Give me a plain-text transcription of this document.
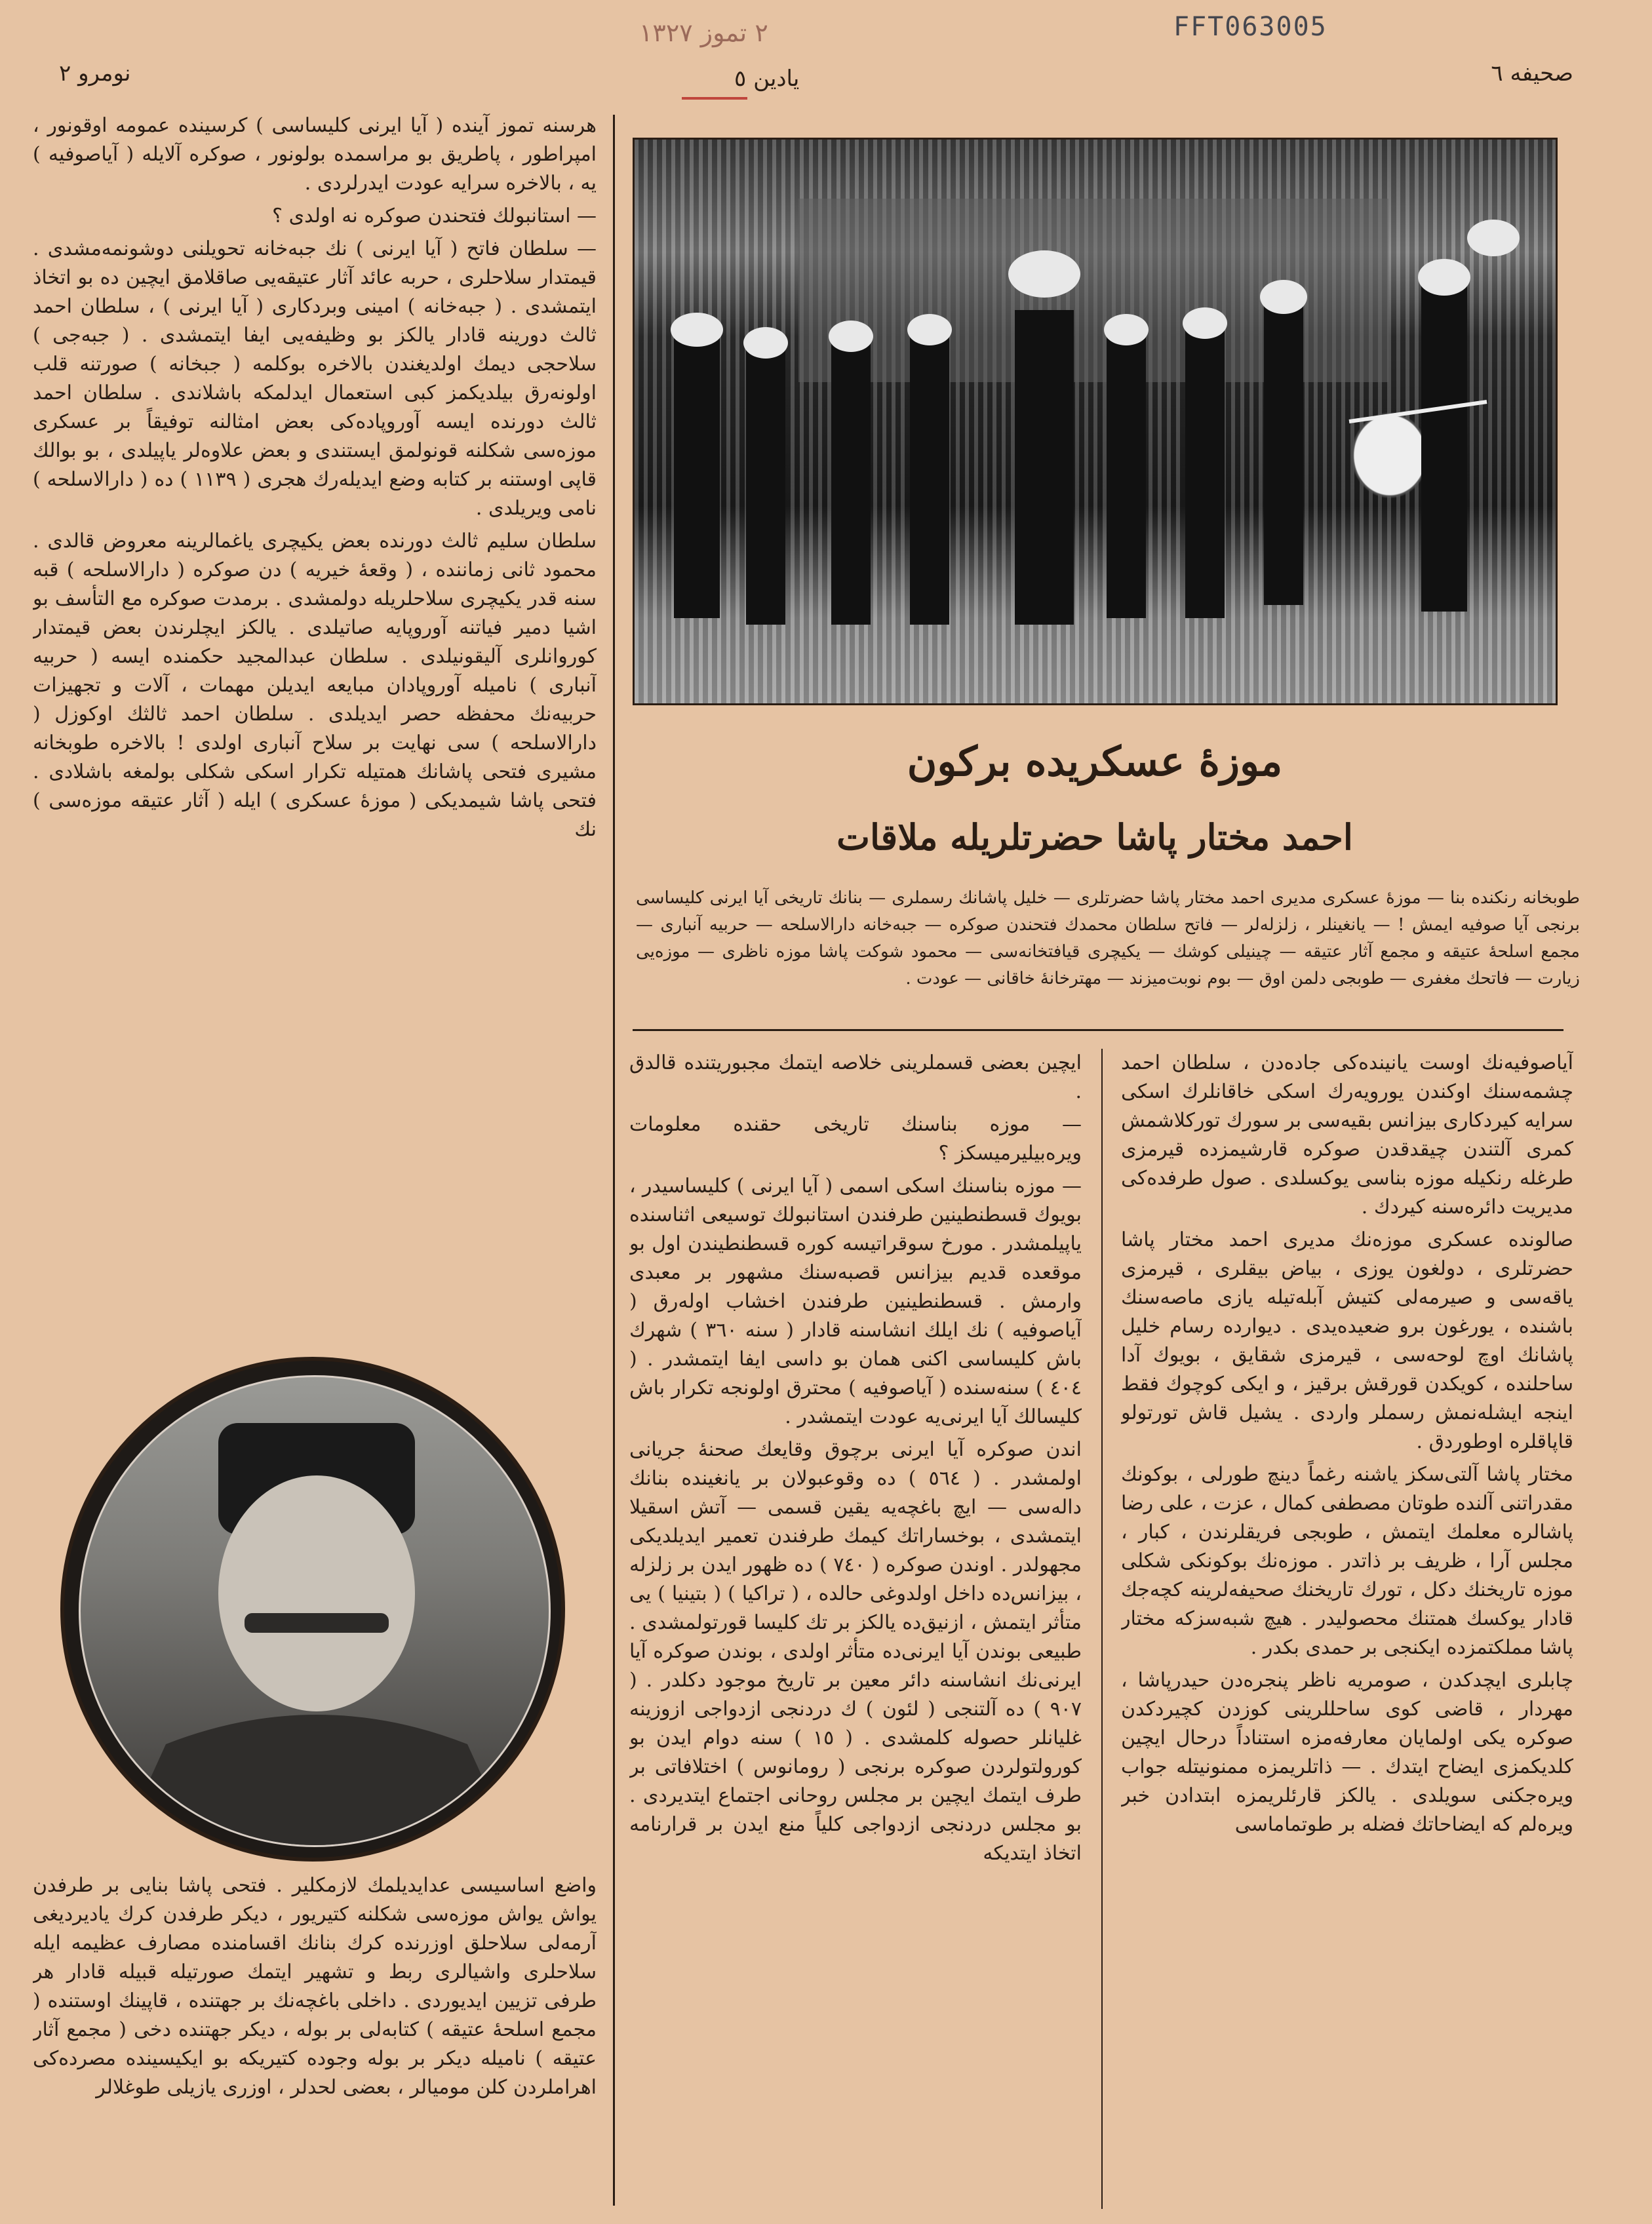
FFT063005
۲ تموز ۱۳۲۷
صحیفه ٦
یادین ٥
نومرو ۲

هرسنه تموز آینده ( آیا ایرنی کلیساسی ) کرسینده عمومه اوقونور ، امپراطور ، پاطریق بو مراسمده بولونور ، صوکره آلایله ( آیاصوفیه ) یه ، بالاخره سرایه عودت ایدرلردی .

— استانبولك فتحندن صوکره نه اولدی ؟

— سلطان فاتح ( آیا ایرنی ) نك جبه‌خانه تحویلنی دوشونمه‌مشدی . قیمتدار سلاحلری ، حربه عائد آثار عتیقه‌یی صاقلامق ایچین ده بو اتخاذ ایتمشدی . ( جبه‌خانه ) امینی وبردکاری ( آیا ایرنی ) ، سلطان احمد ثالث دورینه قادار یالکز بو وظیفه‌یی ایفا ایتمشدی . ( جبه‌جی ) سلاحجی دیمك اولدیغندن بالاخره بوکلمه ( جبخانه ) صورتنه قلب اولونه‌رق بیلدیکمز کبی استعمال ایدلمکه باشلاندی . سلطان احمد ثالث دورنده ایسه آوروپاده‌کی بعض امثالنه توفیقاً بر عسکری موزه‌سی شکلنه قونولمق ایستندی و بعض علاوه‌لر یاپیلدی ، بو بوالك قاپی اوستنه بر کتابه وضع ایدیله‌رك هجری ( ١١٣٩ ) ده ( دارالاسلحه ) نامی ویریلدی .

سلطان سلیم ثالث دورنده بعض یکیچری یاغمالرینه معروض قالدی . محمود ثانی زماننده ، ( وقعهٔ خیریه ) دن صوکره ( دارالاسلحه ) قبه سنه قدر یکیچری سلاحلریله دولمشدی . برمدت صوکره مع التأسف بو اشیا دمیر فیاتنه آوروپایه صاتیلدی . یالکز ایچلرندن بعض قیمتدار کوروانلری آلیقونیلدی . سلطان عبدالمجید حکمنده ایسه ( حربیه آنباری ) نامیله آوروپادان مبایعه ایدیلن مهمات ، آلات و تجهیزات حربیه‌نك محفظه حصر ایدیلدی . سلطان احمد ثالثك اوکوزل ( دارالاسلحه ) سی نهایت بر سلاح آنباری اولدی ! بالاخره طوبخانه مشیری فتحی پاشانك همتیله تکرار اسکی شکلی بولمغه باشلادی . فتحی پاشا شیمدیکی ( موزهٔ عسکری ) ایله ( آثار عتیقه موزه‌سی ) نك

واضع اساسیسی عدایدیلمك لازمکلیر . فتحی پاشا بنایی بر طرفدن یواش یواش موزه‌سی شکلنه کتیریور ، دیکر طرفدن کرك یادیردیغی آرمه‌لی سلاحلق اوزرنده کرك بنانك اقسامنده مصارف عظیمه ایله سلاحلری واشیالری ربط و تشهیر ایتمك صورتیله قبیله قادار هر طرفی تزیین ایدیوردی . داخلی باغچه‌نك بر جهتنده ، قاپینك اوستنده ( مجمع اسلحهٔ عتیقه ) کتابه‌لی بر بوله ، دیکر جهتنده دخی ( مجمع آثار عتیقه ) نامیله دیکر بر بوله وجوده کتیریکه بو ایکیسینده مصرده‌کی اهراملردن کلن مومیالر ، بعضی لحدلر ، اوزری یازیلی طوغلالر

موزهٔ عسکریده برکون
احمد مختار پاشا حضرتلریله ملاقات
طوبخانه رنکنده بنا — موزهٔ عسکری مدیری احمد مختار پاشا حضرتلری — خلیل پاشانك رسملری — بنانك تاریخی آیا ایرنی کلیساسی برنجی آیا صوفیه ایمش ! — یانغینلر ، زلزله‌لر — فاتح سلطان محمدك فتحندن صوکره — جبه‌خانه دارالاسلحه — حربیه آنباری — مجمع اسلحهٔ عتیقه و مجمع آثار عتیقه — چینیلی کوشك — یکیچری قیافتخانه‌سی — محمود شوکت پاشا موزه ناظری — موزه‌یی زیارت — فاتحك مغفری — طوبجی دلمن اوق — بوم نوبت‌میزند — مهترخانهٔ خاقانی — عودت .

ایچین بعضی قسملرینی خلاصه ایتمك مجبوریتنده قالدق .

— موزه بناسنك تاریخی حقنده معلومات ویره‌بیلیرمیسکز ؟

— موزه بناسنك اسکی اسمی ( آیا ایرنی ) کلیساسیدر ، بویوك قسطنطینین طرفندن استانبولك توسیعی اثناسنده یاپیلمشدر . مورخ سوقراتیسه کوره قسطنطیندن اول بو موقعده قدیم بیزانس قصبه‌سنك مشهور بر معبدی وارمش . قسطنطینین طرفندن اخشاب اوله‌رق ( آیاصوفیه ) نك ایلك انشاسنه قادار ( سنه ٣٦٠ ) شهرك باش کلیساسی اکنی همان بو داسی ایفا ایتمشدر . ( ٤٠٤ ) سنه‌سنده ( آیاصوفیه ) محترق اولونجه تکرار باش کلیسالك آیا ایرنی‌یه عودت ایتمشدر .

اندن صوکره آیا ایرنی برچوق وقایعك صحنهٔ جریانی اولمشدر . ( ٥٦٤ ) ده وقوعبولان بر یانغینده بنانك داله‌سی — ایچ باغچه‌یه یقین قسمی — آتش اسقیلا ایتمشدی ، بوخساراتك کیمك طرفندن تعمیر ایدیلدیکی مجهولدر . اوندن صوکره ( ٧٤٠ ) ده ظهور ایدن بر زلزله ، بیزانس‌ده داخل اولدوغی حالده ، ( تراکیا ) ( بتینیا ) یی متأثر ایتمش ، ازنیق‌ده یالکز بر تك کلیسا قورتولمشدی . طبیعی بوندن آیا ایرنی‌ده متأثر اولدی ، بوندن صوکره آیا ایرنی‌نك انشاسنه دائر معین بر تاریخ موجود دکلدر . ( ٩٠٧ ) ده آلتنجی ( لئون ) ك دردنجی ازدواجی ازوزینه غلیانلر حصوله کلمشدی . ( ١٥ ) سنه دوام ایدن بو کورولتولردن صوکره برنجی ( رومانوس ) اختلافاتی بر طرف ایتمك ایچین بر مجلس روحانی اجتماع ایتدیردی . بو مجلس دردنجی ازدواجی کلیاً منع ایدن بر قرارنامه اتخاذ ایتدیکه

آیاصوفیه‌نك اوست یانینده‌کی جاده‌دن ، سلطان احمد چشمه‌سنك اوکندن یورویه‌رك اسکی خاقانلرك اسکی سرایه کیردکاری بیزانس بقیه‌سی بر سورك تورکلاشمش کمری آلتندن چیقدقدن صوکره قارشیمزده قیرمزی طرغله رنکیله موزه بناسی یوکسلدی . صول طرفده‌کی مدیریت دائره‌سنه کیردك .

صالونده عسکری موزه‌نك مدیری احمد مختار پاشا حضرتلری ، دولغون یوزی ، بیاض بیقلری ، قیرمزی یاقه‌سی و صیرمه‌لی کتیش آبله‌تیله یازی ماصه‌سنك باشنده ، یورغون برو ضعیده‌یدی . دیوارده رسام خلیل پاشانك اوچ لوحه‌سی ، قیرمزی شقایق ، بویوك آدا ساحلنده ، کویکدن قورقش برقیز ، و ایکی کوچوك فقط اینجه ایشله‌نمش رسملر واردی . یشیل قاش تورتولو قاپاقلره اوطوردق .

مختار پاشا آلتی‌سکز یاشنه رغماً دینچ طورلی ، بوکونك مقدراتنی آلنده طوتان مصطفی کمال ، عزت ، علی رضا پاشالره معلمك ایتمش ، طوبجی فریقلرندن ، کبار ، مجلس آرا ، ظریف بر ذاتدر . موزه‌نك بوکونکی شکلی موزه تاریخنك دکل ، تورك تاریخنك صحیفه‌لرینه کچه‌جك قادار یوکسك همتنك محصولیدر . هیچ شبه‌سزکه مختار پاشا مملکتمزده ایکنجی بر حمدی بکدر .

چابلری ایچدکدن ، صومریه ناظر پنجره‌دن حیدرپاشا ، مهردار ، قاضی کوی ساحللرینی کوزدن کچیردکدن صوکره یکی اولمایان معارفه‌مزه استناداً درحال ایچین کلدیکمزی ایضاح ایتدك . — ذاتلریمزه ممنونیتله جواب ویره‌جکنی سویلدی . یالکز قارئلریمزه ابتدادن خبر ویره‌لم که ایضاحاتك فضله بر طوتماماسی
